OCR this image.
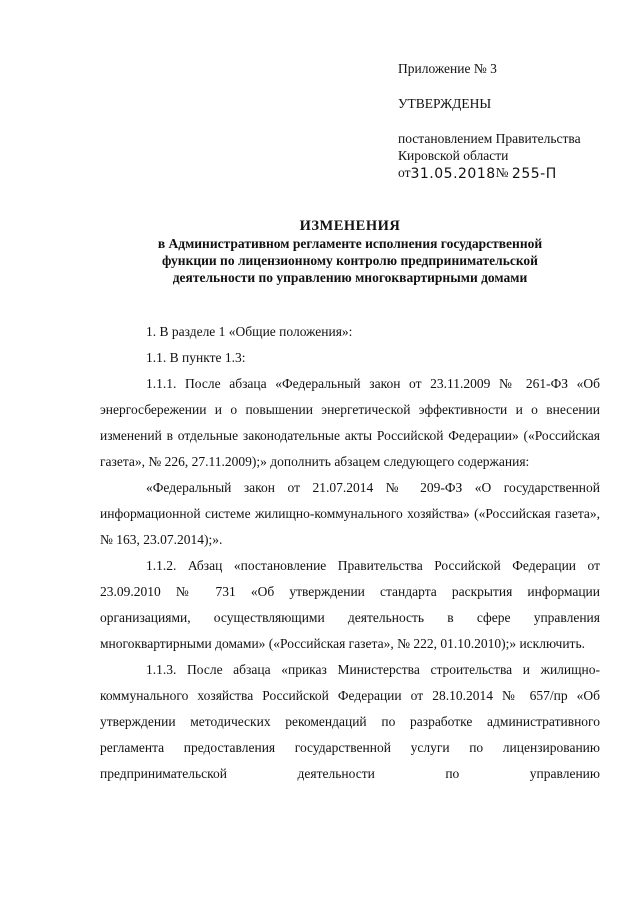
Приложение № 3
УТВЕРЖДЕНЫ
постановлением Правительства
Кировской области
от31.05.2018№ 255-П
ИЗМЕНЕНИЯ
в Административном регламенте исполнения государственной
функции по лицензионному контролю предпринимательской
деятельности по управлению многоквартирными домами
1. В разделе 1 «Общие положения»:
1.1. В пункте 1.3:
1.1.1. После абзаца «Федеральный закон от 23.11.2009 № 261-ФЗ «Об энергосбережении и о повышении энергетической эффективности и о внесении изменений в отдельные законодательные акты Российской Федерации» («Российская газета», № 226, 27.11.2009);» дополнить абзацем следующего содержания:
«Федеральный закон от 21.07.2014 № 209-ФЗ «О государственной информационной системе жилищно-коммунального хозяйства» («Российская газета», № 163, 23.07.2014);».
1.1.2. Абзац «постановление Правительства Российской Федерации от 23.09.2010 № 731 «Об утверждении стандарта раскрытия информации организациями, осуществляющими деятельность в сфере управления многоквартирными домами» («Российская газета», № 222, 01.10.2010);» исключить.
1.1.3. После абзаца «приказ Министерства строительства и жилищно-коммунального хозяйства Российской Федерации от 28.10.2014 № 657/пр «Об утверждении методических рекомендаций по разработке административного регламента предоставления государственной услуги по лицензированию предпринимательской деятельности по управлению
